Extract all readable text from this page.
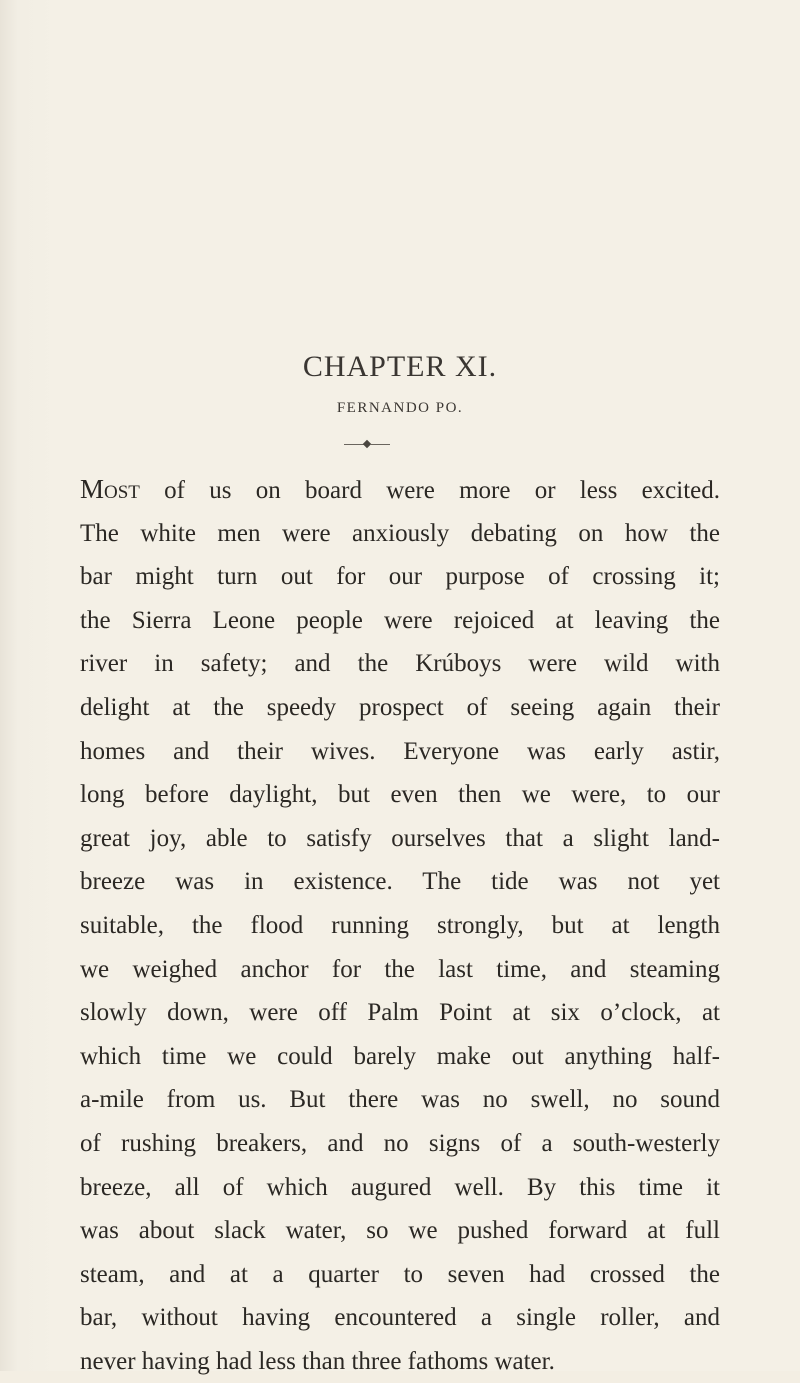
CHAPTER XI.
FERNANDO PO.
Most of us on board were more or less excited.
The white men were anxiously debating on how the
bar might turn out for our purpose of crossing it;
the Sierra Leone people were rejoiced at leaving the
river in safety; and the Krúboys were wild with
delight at the speedy prospect of seeing again their
homes and their wives. Everyone was early astir,
long before daylight, but even then we were, to our
great joy, able to satisfy ourselves that a slight land-
breeze was in existence. The tide was not yet
suitable, the flood running strongly, but at length
we weighed anchor for the last time, and steaming
slowly down, were off Palm Point at six o’clock, at
which time we could barely make out anything half-
a-mile from us. But there was no swell, no sound
of rushing breakers, and no signs of a south-westerly
breeze, all of which augured well. By this time it
was about slack water, so we pushed forward at full
steam, and at a quarter to seven had crossed the
bar, without having encountered a single roller, and
never having had less than three fathoms water.
